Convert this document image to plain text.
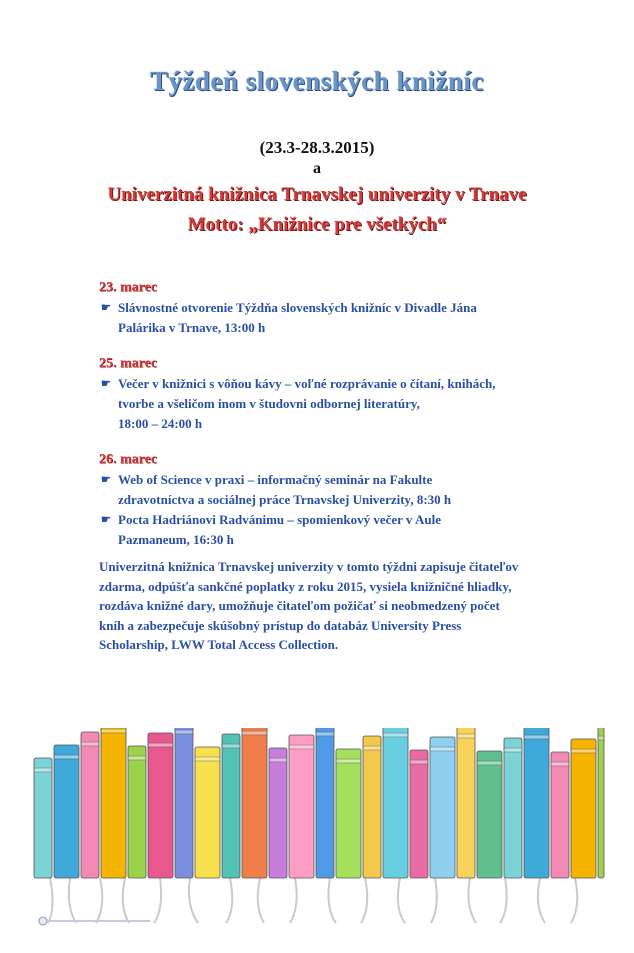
Týždeň slovenských knižníc
(23.3-28.3.2015)
a
Univerzitná knižnica Trnavskej univerzity v Trnave
Motto: „Knižnice pre všetkých“
23. marec
☛ Slávnostné otvorenie Týždňa slovenských knižníc v Divadle Jána
Palárika v Trnave, 13:00 h
25. marec
☛ Večer v knižnici s vôňou kávy – voľné rozprávanie o čítaní, knihách,
tvorbe a všeličom inom v študovni odbornej literatúry,
18:00 – 24:00 h
26. marec
☛ Web of Science v praxi – informačný seminár na Fakulte
zdravotníctva a sociálnej práce Trnavskej Univerzity, 8:30 h
☛ Pocta Hadriánovi Radvánimu – spomienkový večer v Aule
Pazmaneum, 16:30 h
Univerzitná knižnica Trnavskej univerzity v tomto týždni zapisuje čitateľov
zdarma, odpúšťa sankčné poplatky z roku 2015, vysiela knižničné hliadky,
rozdáva knižné dary, umožňuje čitateľom požičať si neobmedzený počet
kníh a zabezpečuje skúšobný prístup do databáz University Press
Scholarship, LWW Total Access Collection.
